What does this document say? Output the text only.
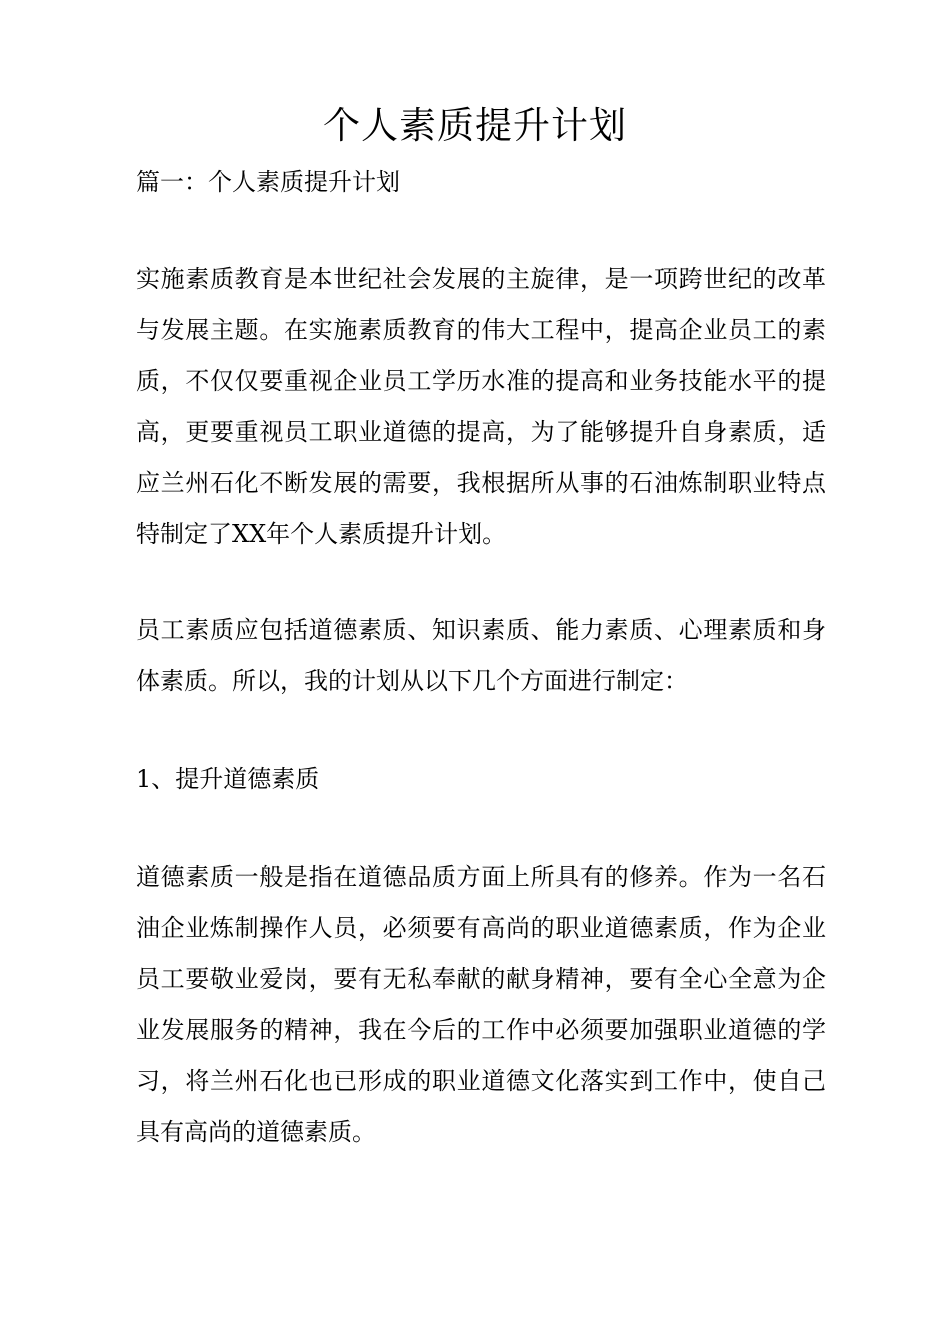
个人素质提升计划

篇一：个人素质提升计划

实施素质教育是本世纪社会发展的主旋律，是一项跨世纪的改革与发展主题。在实施素质教育的伟大工程中，提高企业员工的素质，不仅仅要重视企业员工学历水准的提高和业务技能水平的提高，更要重视员工职业道德的提高，为了能够提升自身素质，适应兰州石化不断发展的需要，我根据所从事的石油炼制职业特点特制定了XX年个人素质提升计划。

员工素质应包括道德素质、知识素质、能力素质、心理素质和身体素质。所以，我的计划从以下几个方面进行制定：

1、提升道德素质

道德素质一般是指在道德品质方面上所具有的修养。作为一名石油企业炼制操作人员，必须要有高尚的职业道德素质，作为企业员工要敬业爱岗，要有无私奉献的献身精神，要有全心全意为企业发展服务的精神，我在今后的工作中必须要加强职业道德的学习，将兰州石化也已形成的职业道德文化落实到工作中，使自己具有高尚的道德素质。
